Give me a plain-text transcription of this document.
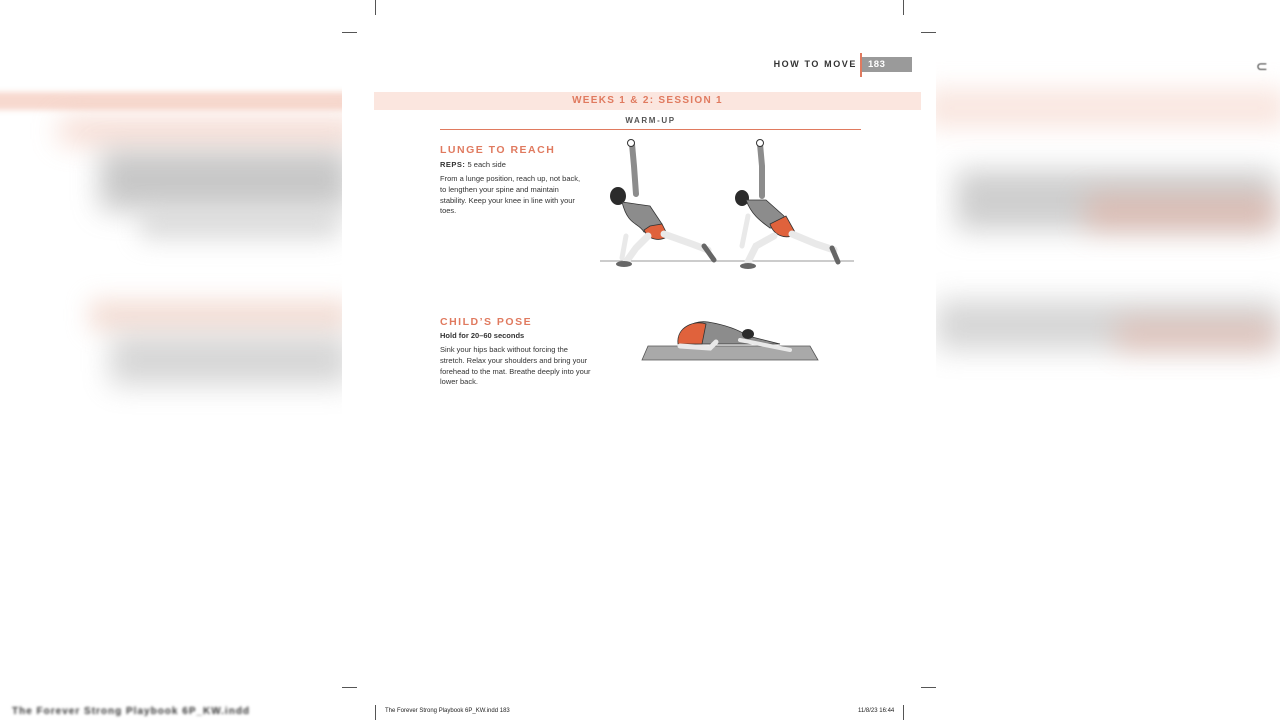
The Forever Strong Playbook 6P_KW.indd
⊂
HOW TO MOVE	183
WEEKS 1 & 2: SESSION 1
WARM-UP
LUNGE TO REACH
REPS: 5 each side
From a lunge position, reach up, not back, to lengthen your spine and maintain stability. Keep your knee in line with your toes.
CHILD’S POSE
Hold for 20–60 seconds
Sink your hips back without forcing the stretch. Relax your shoulders and bring your forehead to the mat. Breathe deeply into your lower back.
The Forever Strong Playbook 6P_KW.indd 183	11/8/23 16:44
